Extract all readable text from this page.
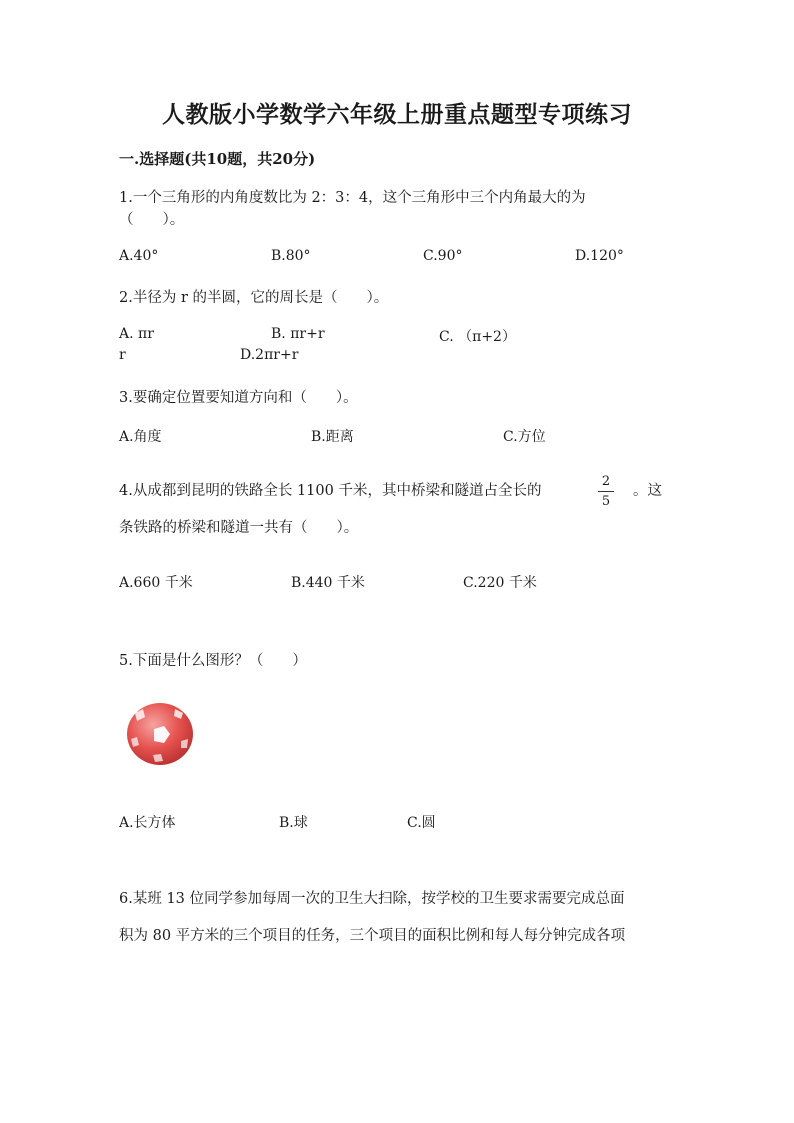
人教版小学数学六年级上册重点题型专项练习
一.选择题(共10题，共20分)
1.一个三角形的内角度数比为 2：3：4，这个三角形中三个内角最大的为
（　　）。
A.40°	B.80°	C.90°	D.120°
2.半径为 r 的半圆，它的周长是（　　）。
A. πr	B. πr+r	C. （π+2）
r	D.2πr+r
3.要确定位置要知道方向和（　　）。
A.角度	B.距离	C.方位
4.从成都到昆明的铁路全长 1100 千米，其中桥梁和隧道占全长的
2
5
。这
条铁路的桥梁和隧道一共有（　　）。
A.660 千米	B.440 千米	C.220 千米
5.下面是什么图形？（　　）
A.长方体	B.球	C.圆
6.某班 13 位同学参加每周一次的卫生大扫除，按学校的卫生要求需要完成总面
积为 80 平方米的三个项目的任务，三个项目的面积比例和每人每分钟完成各项
